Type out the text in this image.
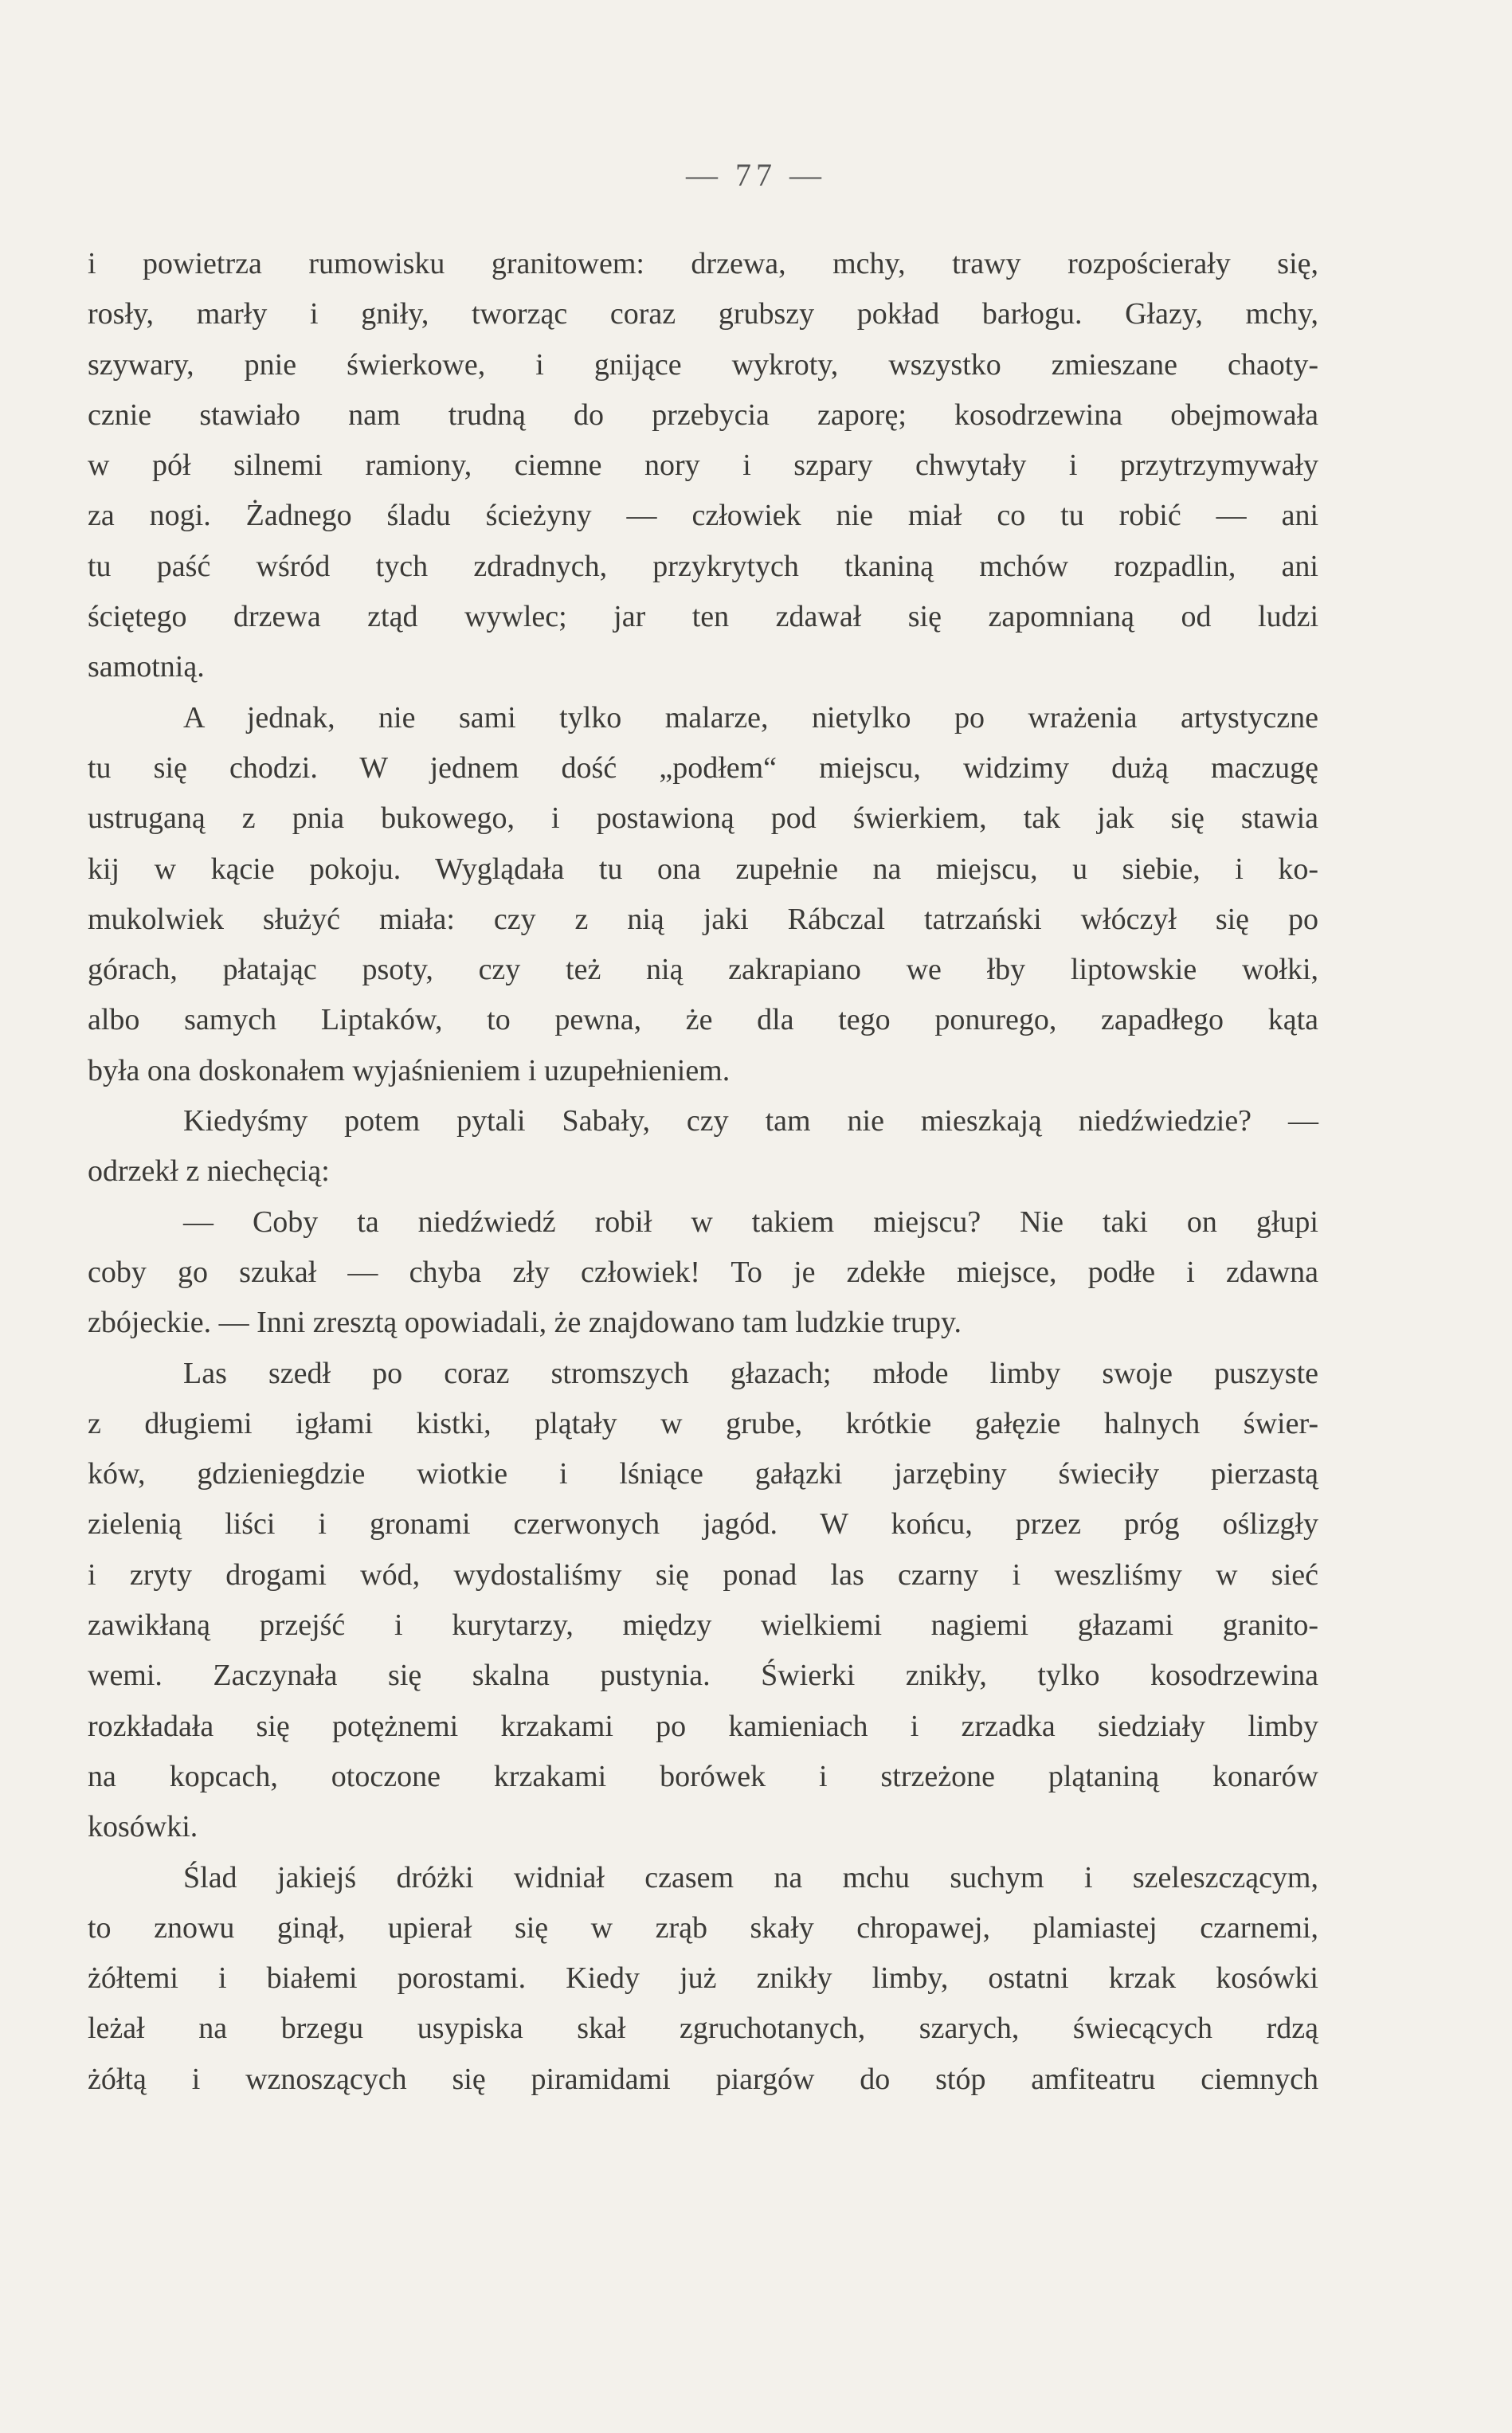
— 77 —
i powietrza rumowisku granitowem: drzewa, mchy, trawy rozpościerały się,
rosły, marły i gniły, tworząc coraz grubszy pokład barłogu. Głazy, mchy,
szywary, pnie świerkowe, i gnijące wykroty, wszystko zmieszane chaoty-
cznie stawiało nam trudną do przebycia zaporę; kosodrzewina obejmowała
w pół silnemi ramiony, ciemne nory i szpary chwytały i przytrzymywały
za nogi. Żadnego śladu ścieżyny — człowiek nie miał co tu robić — ani
tu paść wśród tych zdradnych, przykrytych tkaniną mchów rozpadlin, ani
ściętego drzewa ztąd wywlec; jar ten zdawał się zapomnianą od ludzi
samotnią.
A jednak, nie sami tylko malarze, nietylko po wrażenia artystyczne
tu się chodzi. W jednem dość „podłem“ miejscu, widzimy dużą maczugę
ustruganą z pnia bukowego, i postawioną pod świerkiem, tak jak się stawia
kij w kącie pokoju. Wyglądała tu ona zupełnie na miejscu, u siebie, i ko-
mukolwiek służyć miała: czy z nią jaki Rábczal tatrzański włóczył się po
górach, płatając psoty, czy też nią zakrapiano we łby liptowskie wołki,
albo samych Liptaków, to pewna, że dla tego ponurego, zapadłego kąta
była ona doskonałem wyjaśnieniem i uzupełnieniem.
Kiedyśmy potem pytali Sabały, czy tam nie mieszkają niedźwiedzie? —
odrzekł z niechęcią:
— Coby ta niedźwiedź robił w takiem miejscu? Nie taki on głupi
coby go szukał — chyba zły człowiek! To je zdekłe miejsce, podłe i zdawna
zbójeckie. — Inni zresztą opowiadali, że znajdowano tam ludzkie trupy.
Las szedł po coraz stromszych głazach; młode limby swoje puszyste
z długiemi igłami kistki, plątały w grube, krótkie gałęzie halnych świer-
ków, gdzieniegdzie wiotkie i lśniące gałązki jarzębiny świeciły pierzastą
zielenią liści i gronami czerwonych jagód. W końcu, przez próg oślizgły
i zryty drogami wód, wydostaliśmy się ponad las czarny i weszliśmy w sieć
zawikłaną przejść i kurytarzy, między wielkiemi nagiemi głazami granito-
wemi. Zaczynała się skalna pustynia. Świerki znikły, tylko kosodrzewina
rozkładała się potężnemi krzakami po kamieniach i zrzadka siedziały limby
na kopcach, otoczone krzakami borówek i strzeżone plątaniną konarów
kosówki.
Ślad jakiejś dróżki widniał czasem na mchu suchym i szeleszczącym,
to znowu ginął, upierał się w zrąb skały chropawej, plamiastej czarnemi,
żółtemi i białemi porostami. Kiedy już znikły limby, ostatni krzak kosówki
leżał na brzegu usypiska skał zgruchotanych, szarych, świecących rdzą
żółtą i wznoszących się piramidami piargów do stóp amfiteatru ciemnych
